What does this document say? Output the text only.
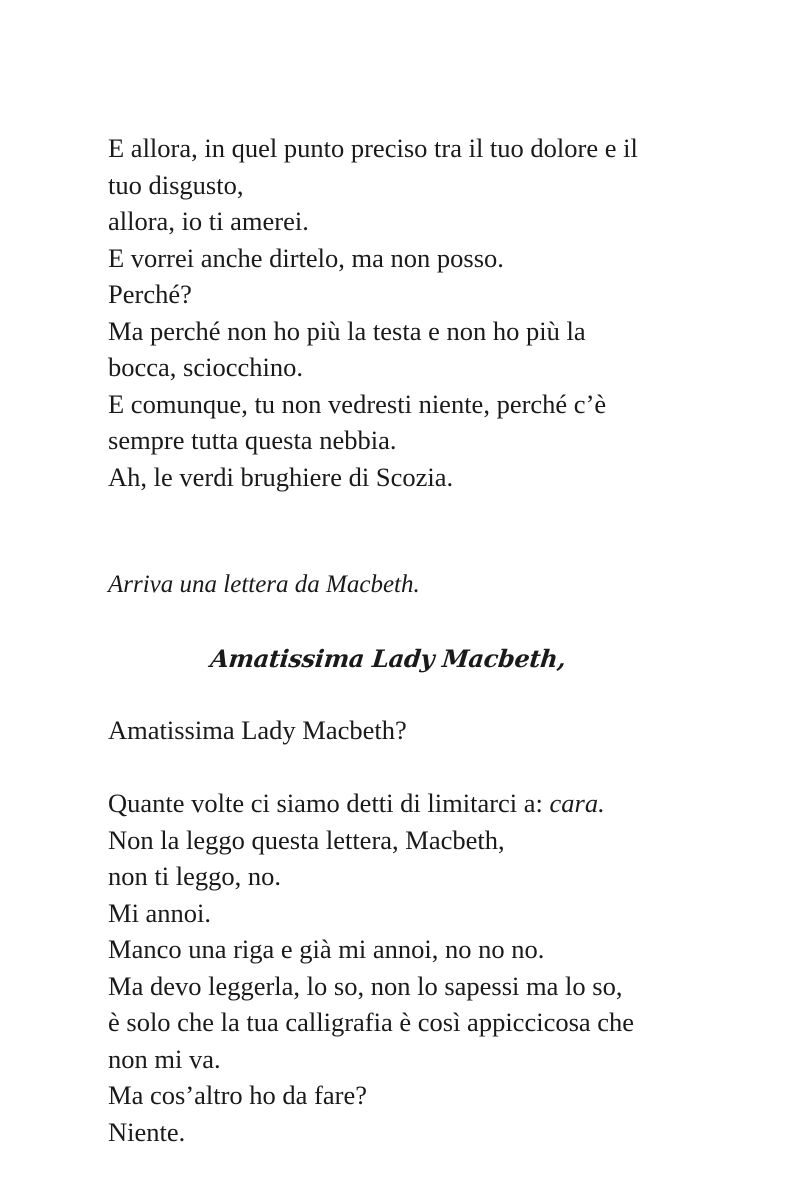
E allora, in quel punto preciso tra il tuo dolore e il
tuo disgusto,
allora, io ti amerei.
E vorrei anche dirtelo, ma non posso.
Perché?
Ma perché non ho più la testa e non ho più la
bocca, sciocchino.
E comunque, tu non vedresti niente, perché c’è
sempre tutta questa nebbia.
Ah, le verdi brughiere di Scozia.
Arriva una lettera da Macbeth.
Amatissima Lady Macbeth,
Amatissima Lady Macbeth?
Quante volte ci siamo detti di limitarci a: cara.
Non la leggo questa lettera, Macbeth,
non ti leggo, no.
Mi annoi.
Manco una riga e già mi annoi, no no no.
Ma devo leggerla, lo so, non lo sapessi ma lo so,
è solo che la tua calligrafia è così appiccicosa che
non mi va.
Ma cos’altro ho da fare?
Niente.
